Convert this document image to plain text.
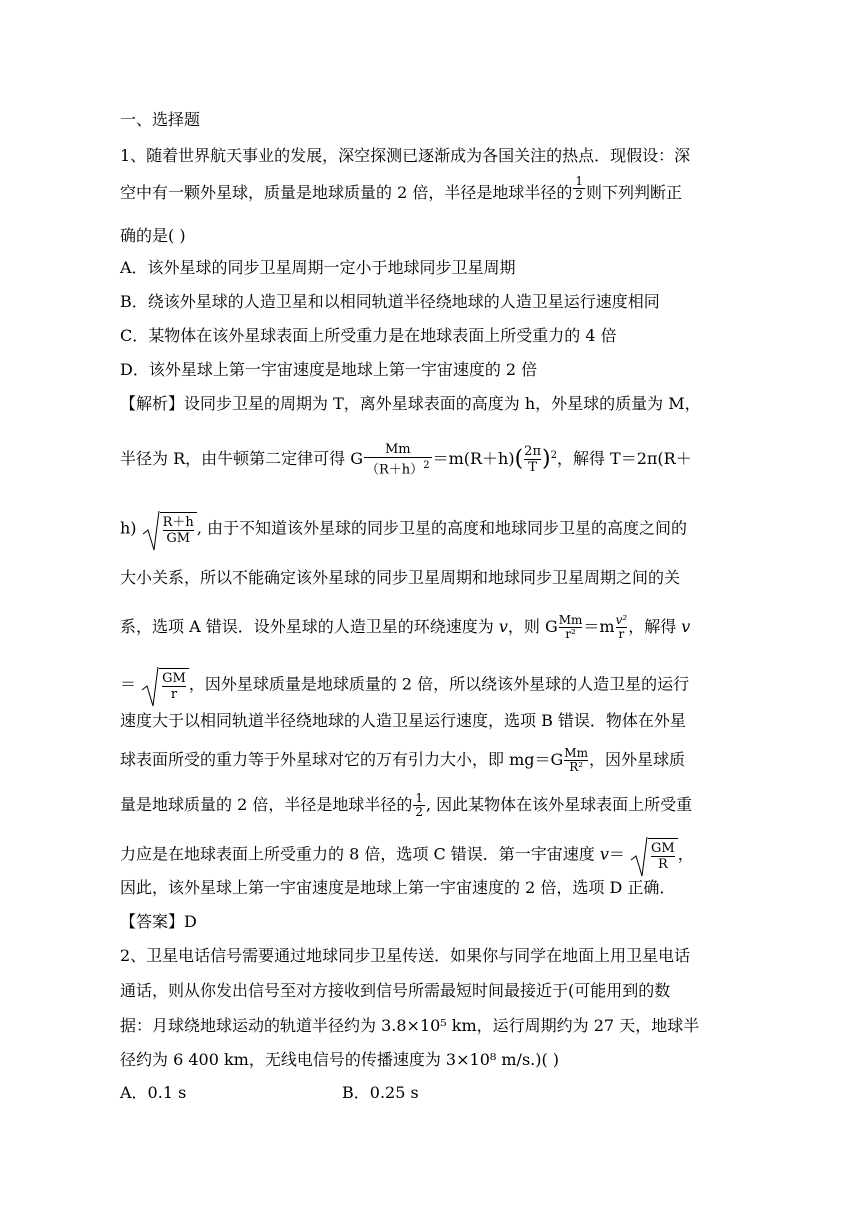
一、选择题
1、随着世界航天事业的发展，深空探测已逐渐成为各国关注的热点．现假设：深
空中有一颗外星球，质量是地球质量的 2 倍，半径是地球半径的 $\frac{1}{2}$ 则下列判断正
确的是( )
A．该外星球的同步卫星周期一定小于地球同步卫星周期
B．绕该外星球的人造卫星和以相同轨道半径绕地球的人造卫星运行速度相同
C．某物体在该外星球表面上所受重力是在地球表面上所受重力的 4 倍
D．该外星球上第一宇宙速度是地球上第一宇宙速度的 2 倍
【解析】设同步卫星的周期为 T，离外星球表面的高度为 h，外星球的质量为 M，
半径为 R，由牛顿第二定律可得 G $\frac{Mm}{(R+h)^2} =m(R+h)( \frac{2\pi}{T} )^2$，解得 T＝2π(R＋
$h) \frac{R+h}{GM}$ , 由于不知道该外星球的同步卫星的高度和地球同步卫星的高度之间的
大小关系，所以不能确定该外星球的同步卫星周期和地球同步卫星周期之间的关
系，选项 A 错误．设外星球的人造卫星的环绕速度为 v，则 G $\frac{Mm}{\text{r²}} =m \frac{\text{v²}}{r}$ ，解得 v
＝ $\frac{GM}{r}$ ，因外星球质量是地球质量的 2 倍，所以绕该外星球的人造卫星的运行
速度大于以相同轨道半径绕地球的人造卫星运行速度，选项 B 错误．物体在外星
球表面所受的重力等于外星球对它的万有引力大小，即 $mg=G \frac{Mm}{\text{R²}}$ ，因外星球质
量是地球质量的 2 倍，半径是地球半径的 $\frac{1}{2}$ , 因此某物体在该外星球表面上所受重
力应是在地球表面上所受重力的 8 倍，选项 C 错误．第一宇宙速度 $v= \frac{GM}{R}$ ，
因此，该外星球上第一宇宙速度是地球上第一宇宙速度的 2 倍，选项 D 正确．
【答案】D
2、卫星电话信号需要通过地球同步卫星传送．如果你与同学在地面上用卫星电话
通话，则从你发出信号至对方接收到信号所需最短时间最接近于(可能用到的数
据：月球绕地球运动的轨道半径约为 3.8×10⁵ km，运行周期约为 27 天，地球半
径约为 6 400 km，无线电信号的传播速度为 3×10⁸ m/s.)( )
A．0.1 s	B．0.25 s
